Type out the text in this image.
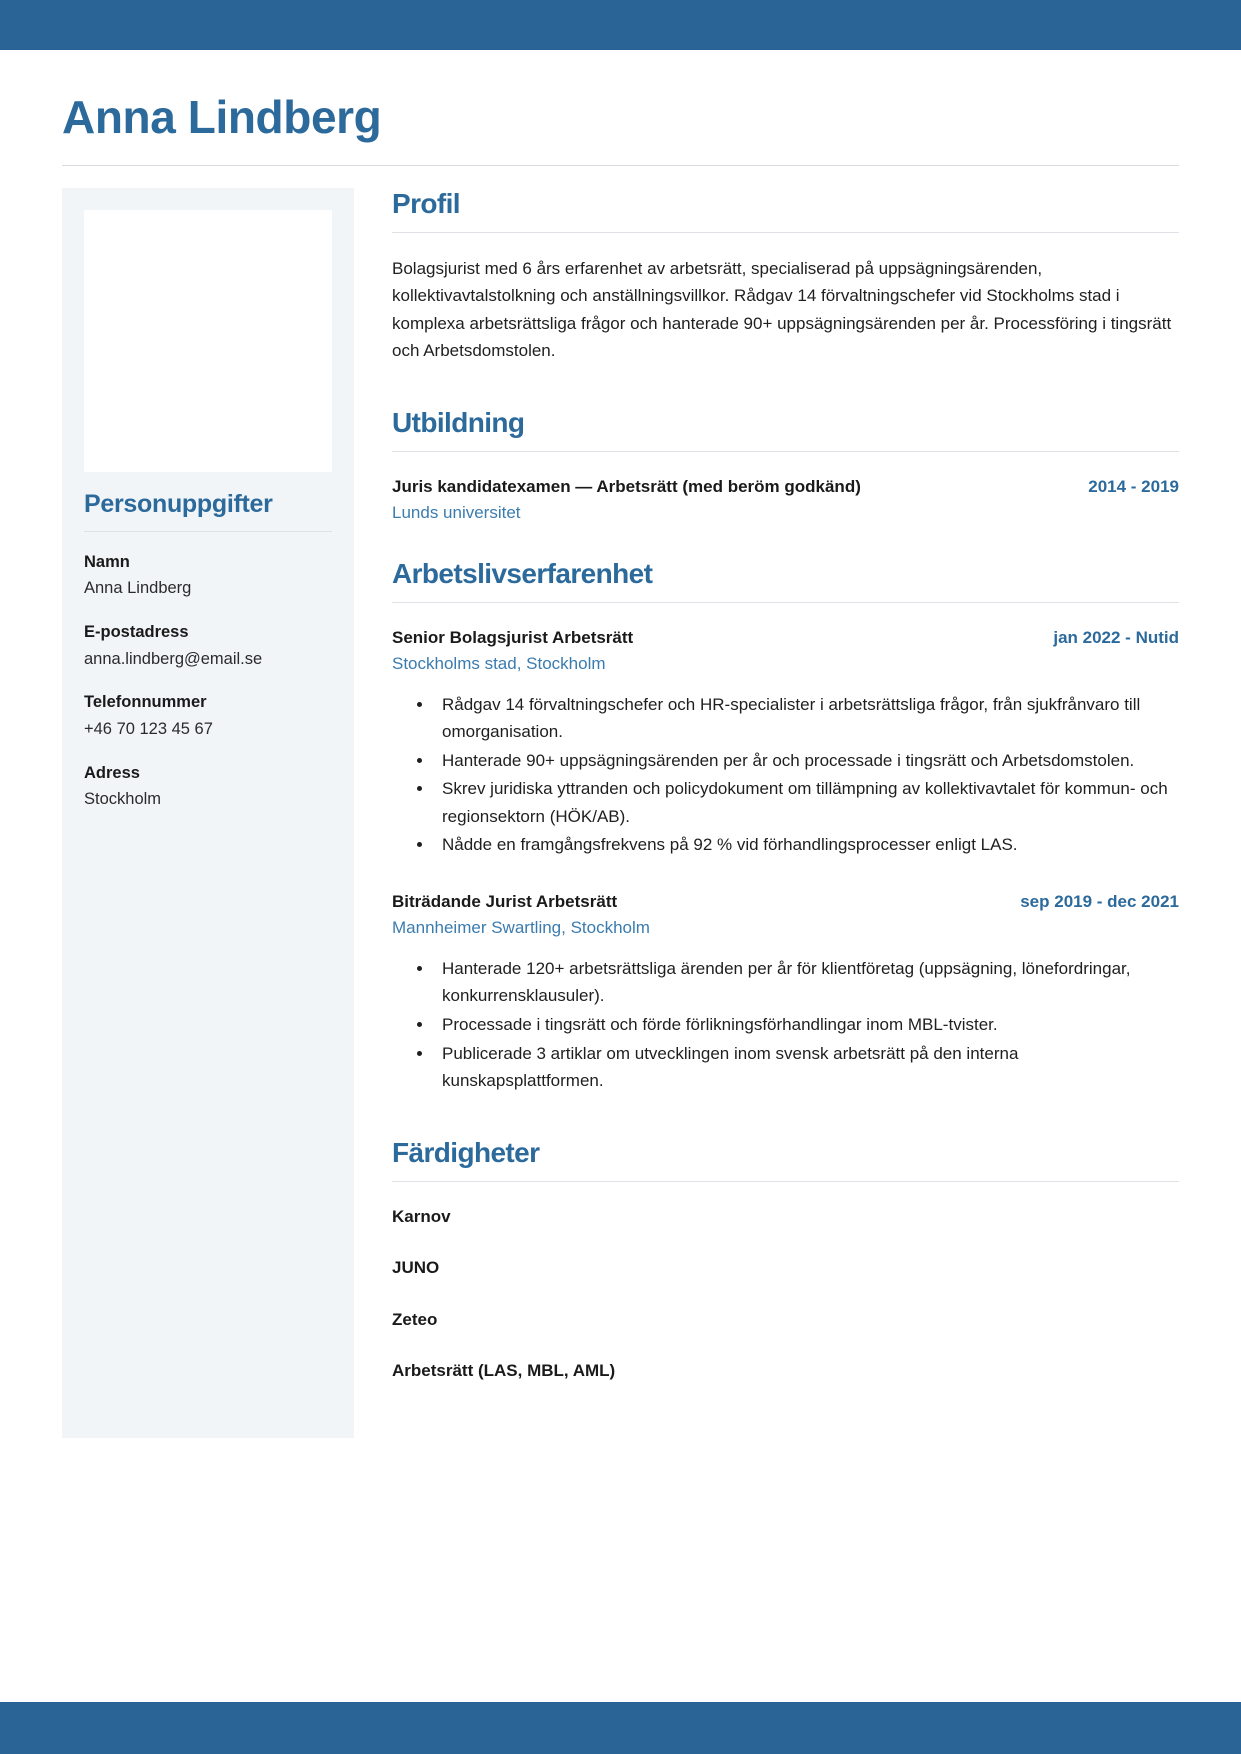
Anna Lindberg
Personuppgifter
Namn
Anna Lindberg
E-postadress
anna.lindberg@email.se
Telefonnummer
+46 70 123 45 67
Adress
Stockholm
Profil

Bolagsjurist med 6 års erfarenhet av arbetsrätt, specialiserad på uppsägningsärenden, kollektivavtalstolkning och anställningsvillkor. Rådgav 14 förvaltningschefer vid Stockholms stad i komplexa arbetsrättsliga frågor och hanterade 90+ uppsägningsärenden per år. Processföring i tingsrätt och Arbetsdomstolen.

Utbildning
Juris kandidatexamen — Arbetsrätt (med beröm godkänd)	2014 - 2019
Lunds universitet
Arbetslivserfarenhet
Senior Bolagsjurist Arbetsrätt	jan 2022 - Nutid
Stockholms stad, Stockholm
• Rådgav 14 förvaltningschefer och HR-specialister i arbetsrättsliga frågor, från sjukfrånvaro till omorganisation.
• Hanterade 90+ uppsägningsärenden per år och processade i tingsrätt och Arbetsdomstolen.
• Skrev juridiska yttranden och policydokument om tillämpning av kollektivavtalet för kommun- och regionsektorn (HÖK/AB).
• Nådde en framgångsfrekvens på 92 % vid förhandlingsprocesser enligt LAS.
Biträdande Jurist Arbetsrätt	sep 2019 - dec 2021
Mannheimer Swartling, Stockholm
• Hanterade 120+ arbetsrättsliga ärenden per år för klientföretag (uppsägning, lönefordringar, konkurrensklausuler).
• Processade i tingsrätt och förde förlikningsförhandlingar inom MBL-tvister.
• Publicerade 3 artiklar om utvecklingen inom svensk arbetsrätt på den interna kunskapsplattformen.
Färdigheter
Karnov
JUNO
Zeteo
Arbetsrätt (LAS, MBL, AML)
